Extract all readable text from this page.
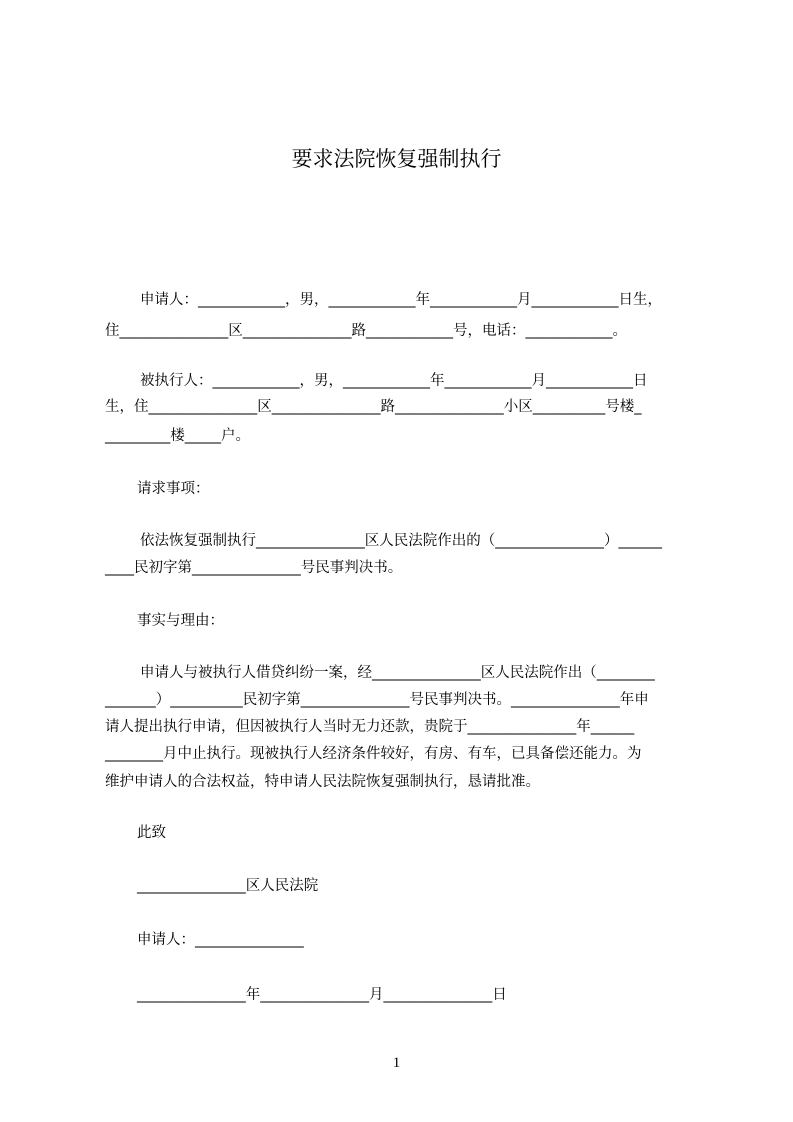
要求法院恢复强制执行
申请人：____________，男，____________年____________月____________日生，
住_______________区_______________路____________号，电话：____________。
被执行人：____________，男，____________年____________月____________日
生，住_______________区_______________路_______________小区__________号楼_
_________楼_____户。
请求事项：
依法恢复强制执行_______________区人民法院作出的（_______________）______
____民初字第_______________号民事判决书。
事实与理由：
申请人与被执行人借贷纠纷一案，经_______________区人民法院作出（________
_______）__________民初字第_______________号民事判决书。_______________年申
请人提出执行申请，但因被执行人当时无力还款，贵院于_______________年______
________月中止执行。现被执行人经济条件较好，有房、有车，已具备偿还能力。为
维护申请人的合法权益，特申请人民法院恢复强制执行，恳请批准。
此致
_______________区人民法院
申请人：_______________
_______________年_______________月_______________日
1
